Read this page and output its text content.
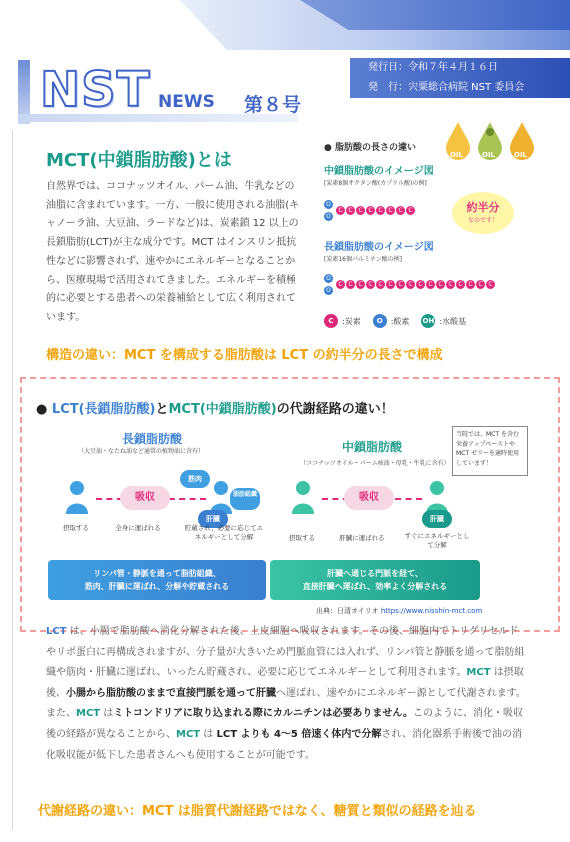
NST NEWS 第８号
発行日：令和７年４月１６日
発　行：宍粟総合病院 NST 委員会
MCT(中鎖脂肪酸)とは
自然界では、ココナッツオイル、パーム油、牛乳などの油脂に含まれています。一方、一般に使用される油脂(キャノーラ油、大豆油、ラードなど)は、炭素鎖 12 以上の長鎖脂肪(LCT)が主な成分です。MCT はインスリン抵抗性などに影響されず、速やかにエネルギーとなることから、医療現場で活用されてきました。エネルギーを積極的に必要とする患者への栄養補給として広く利用されています。
● 脂肪酸の長さの違い
中鎖脂肪酸のイメージ図
[炭素8個オクタン酸(カプリル酸)の例]
C C C C C C C C
O
O
約半分
なのです！
長鎖脂肪酸のイメージ図
[炭素16個パルミチン酸の例]
C C C C C C C C C C C C C C C C
O
O
C	:炭素	O	:酸素 OH :水酸基
OIL	OIL	OIL
構造の違い：MCT を構成する脂肪酸は LCT の約半分の長さで構成
● LCT(長鎖脂肪酸)とMCT(中鎖脂肪酸)の代謝経路の違い！
当院では、MCT を含む栄養アップペーストや MCT ゼリーを適時使用しています！
長鎖脂肪酸
（大豆油・なたね油など通常の植物油に含有）	中鎖脂肪酸
（ココナッツオイル・パーム核油・母乳・牛乳に含有）
吸収
筋肉
脂肪組織
肝臓
摂取する	全身に運ばれる	貯蔵され、必要に応じてエネルギーとして分解
吸収
肝臓
摂取する	肝臓に運ばれる	すぐにエネルギーとして分解
リンパ管・静脈を通って脂肪組織、
筋肉、肝臓に運ばれ、分解や貯蔵される
肝臓へ通じる門脈を経て、
直接肝臓へ運ばれ、効率よく分解される
出典：日清オイリオ https://www.nisshin-mct.com
LCT は、小腸で脂肪酸へ消化分解された後、上皮細胞へ吸収されます。その後、細胞内でトリグリセルドやリポ蛋白に再構成されますが、分子量が大きいため門脈血管には入れず、リンパ管と静脈を通って脂肪組織や筋肉・肝臓に運ばれ、いったん貯蔵され、必要に応じてエネルギーとして利用されます。MCT は摂取後、小腸から脂肪酸のままで直接門脈を通って肝臓へ運ばれ、速やかにエネルギー源として代謝されます。また、MCT はミトコンドリアに取り込まれる際にカルニチンは必要ありません。このように、消化・吸収後の経路が異なることから、MCT は LCT よりも 4～5 倍速く体内で分解され、消化器系手術後で油の消化吸収能が低下した患者さんへも使用することが可能です。
代謝経路の違い：MCT は脂質代謝経路ではなく、糖質と類似の経路を辿る
